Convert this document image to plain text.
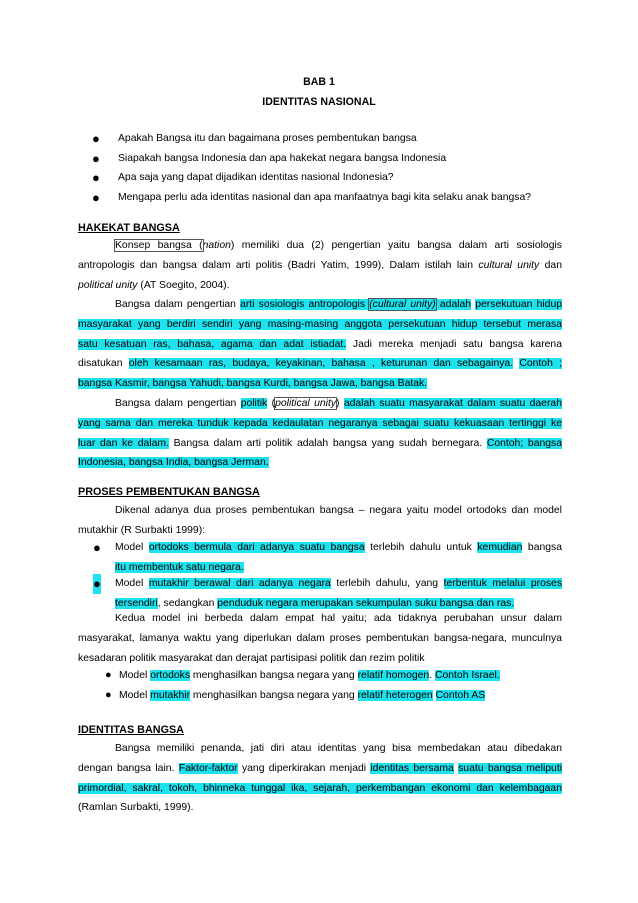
BAB 1
IDENTITAS NASIONAL
● Apakah Bangsa itu dan bagaimana proses pembentukan bangsa
● Siapakah bangsa Indonesia dan apa hakekat negara bangsa Indonesia
● Apa saja yang dapat dijadikan identitas nasional Indonesia?
● Mengapa perlu ada identitas nasional dan apa manfaatnya bagi kita selaku anak bangsa?
HAKEKAT BANGSA
Konsep bangsa (nation) memiliki dua (2) pengertian yaitu bangsa dalam arti sosiologis
antropologis dan bangsa dalam arti politis (Badri Yatim, 1999), Dalam istilah lain cultural unity dan
political unity (AT Soegito, 2004).
Bangsa dalam pengertian arti sosiologis antropologis (cultural unity) adalah persekutuan hidup
masyarakat yang berdiri sendiri yang masing-masing anggota persekutuan hidup tersebut merasa
satu kesatuan ras, bahasa, agama dan adat istiadat. Jadi mereka menjadi satu bangsa karena
disatukan oleh kesamaan ras, budaya, keyakinan, bahasa , keturunan dan sebagainya. Contoh ;
bangsa Kasmir, bangsa Yahudi, bangsa Kurdi, bangsa Jawa, bangsa Batak.
Bangsa dalam pengertian politik (political unity) adalah suatu masyarakat dalam suatu daerah
yang sama dan mereka tunduk kepada kedaulatan negaranya sebagai suatu kekuasaan tertinggi ke
luar dan ke dalam. Bangsa dalam arti politik adalah bangsa yang sudah bernegara. Contoh; bangsa
Indonesia, bangsa India, bangsa Jerman.
PROSES PEMBENTUKAN BANGSA
Dikenal adanya dua proses pembentukan bangsa – negara yaitu model ortodoks dan model
mutakhir (R Surbakti 1999):
●	Model ortodoks bermula dari adanya suatu bangsa terlebih dahulu untuk kemudian bangsa
itu membentuk satu negara.
●	Model mutakhir berawal dari adanya negara terlebih dahulu, yang terbentuk melalui proses
tersendiri, sedangkan penduduk negara merupakan sekumpulan suku bangsa dan ras.
Kedua model ini berbeda dalam empat hal yaitu; ada tidaknya perubahan unsur dalam
masyarakat, lamanya waktu yang diperlukan dalam proses pembentukan bangsa-negara, munculnya
kesadaran politik masyarakat dan derajat partisipasi politik dan rezim politik
● Model ortodoks menghasilkan bangsa negara yang relatif homogen. Contoh Israel.
● Model mutakhir menghasilkan bangsa negara yang relatif heterogen Contoh AS
IDENTITAS BANGSA
Bangsa memiliki penanda, jati diri atau identitas yang bisa membedakan atau dibedakan
dengan bangsa lain. Faktor-faktor yang diperkirakan menjadi identitas bersama suatu bangsa meliputi
primordial, sakral, tokoh, bhinneka tunggal ika, sejarah, perkembangan ekonomi dan kelembagaan
(Ramlan Surbakti, 1999).
